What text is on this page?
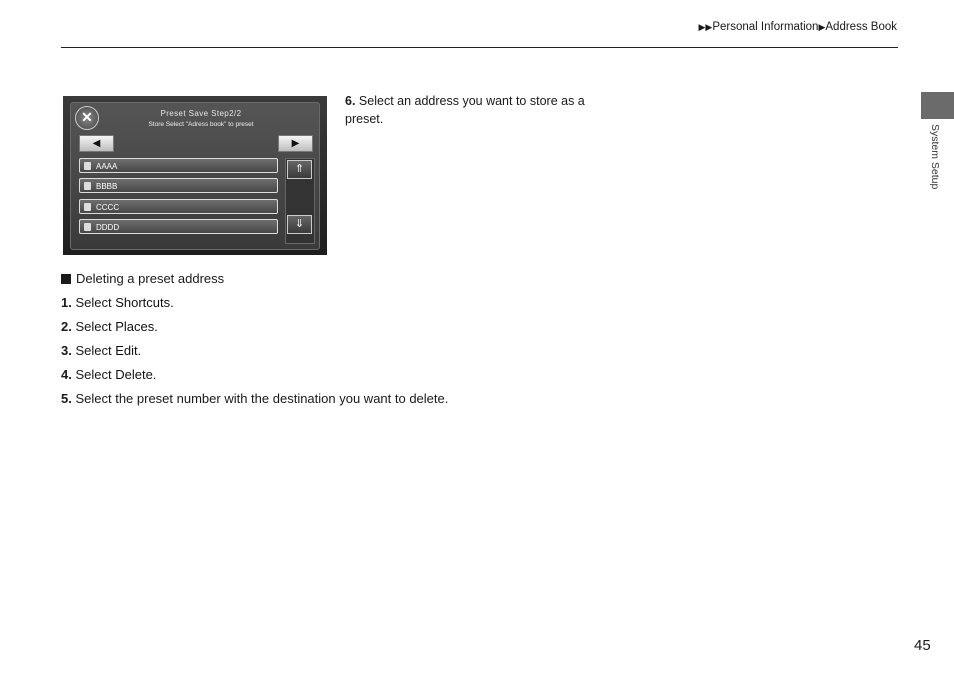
▶▶Personal Information▶Address Book
System Setup
✕	Preset Save Step2/2
Store Select "Adress book" to preset
◀	▶
AAAA
BBBB
CCCC
DDDD
⇑
⇓
6. Select an address you want to store as a preset.
Deleting a preset address
1. Select Shortcuts.
2. Select Places.
3. Select Edit.
4. Select Delete.
5. Select the preset number with the destination you want to delete.
45
